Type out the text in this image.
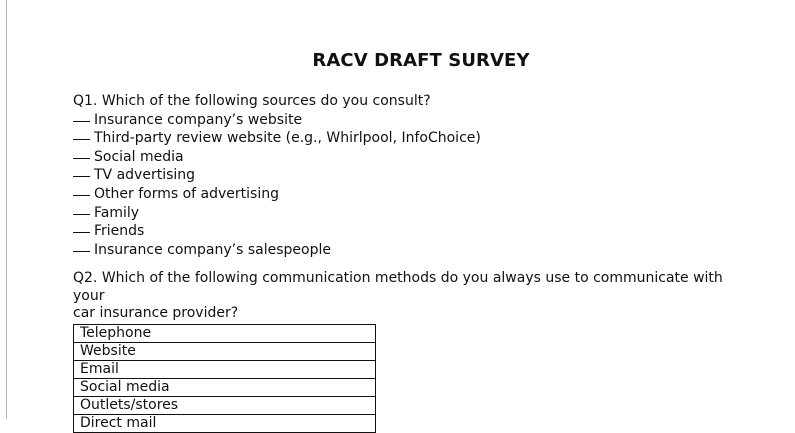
RACV DRAFT SURVEY

Q1. Which of the following sources do you consult?

Insurance company’s website

Third-party review website (e.g., Whirlpool, InfoChoice)

Social media

TV advertising

Other forms of advertising

Family

Friends

Insurance company’s salespeople

Q2. Which of the following communication methods do you always use to communicate with your

car insurance provider?

Telephone
Website
Email
Social media
Outlets/stores
Direct mail
